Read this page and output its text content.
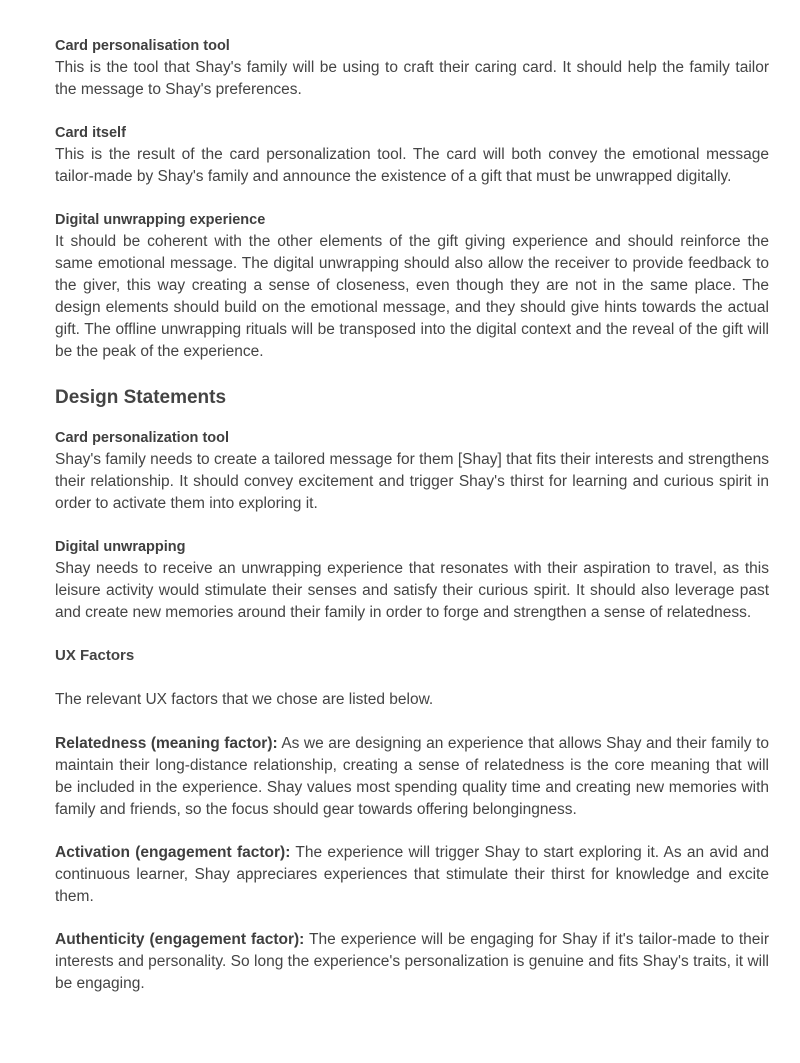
Card personalisation tool

This is the tool that Shay's family will be using to craft their caring card. It should help the family tailor the message to Shay's preferences.

Card itself

This is the result of the card personalization tool. The card will both convey the emotional message tailor-made by Shay's family and announce the existence of a gift that must be unwrapped digitally.

Digital unwrapping experience

It should be coherent with the other elements of the gift giving experience and should reinforce the same emotional message. The digital unwrapping should also allow the receiver to provide feedback to the giver, this way creating a sense of closeness, even though they are not in the same place. The design elements should build on the emotional message, and they should give hints towards the actual gift. The offline unwrapping rituals will be transposed into the digital context and the reveal of the gift will be the peak of the experience.

Design Statements
Card personalization tool

Shay's family needs to create a tailored message for them [Shay] that fits their interests and strengthens their relationship. It should convey excitement and trigger Shay's thirst for learning and curious spirit in order to activate them into exploring it.

Digital unwrapping

Shay needs to receive an unwrapping experience that resonates with their aspiration to travel, as this leisure activity would stimulate their senses and satisfy their curious spirit. It should also leverage past and create new memories around their family in order to forge and strengthen a sense of relatedness.

UX Factors

The relevant UX factors that we chose are listed below.

Relatedness (meaning factor): As we are designing an experience that allows Shay and their family to maintain their long-distance relationship, creating a sense of relatedness is the core meaning that will be included in the experience. Shay values most spending quality time and creating new memories with family and friends, so the focus should gear towards offering belongingness.

Activation (engagement factor): The experience will trigger Shay to start exploring it. As an avid and continuous learner, Shay appreciares experiences that stimulate their thirst for knowledge and excite them.

Authenticity (engagement factor): The experience will be engaging for Shay if it's tailor-made to their interests and personality. So long the experience's personalization is genuine and fits Shay's traits, it will be engaging.
